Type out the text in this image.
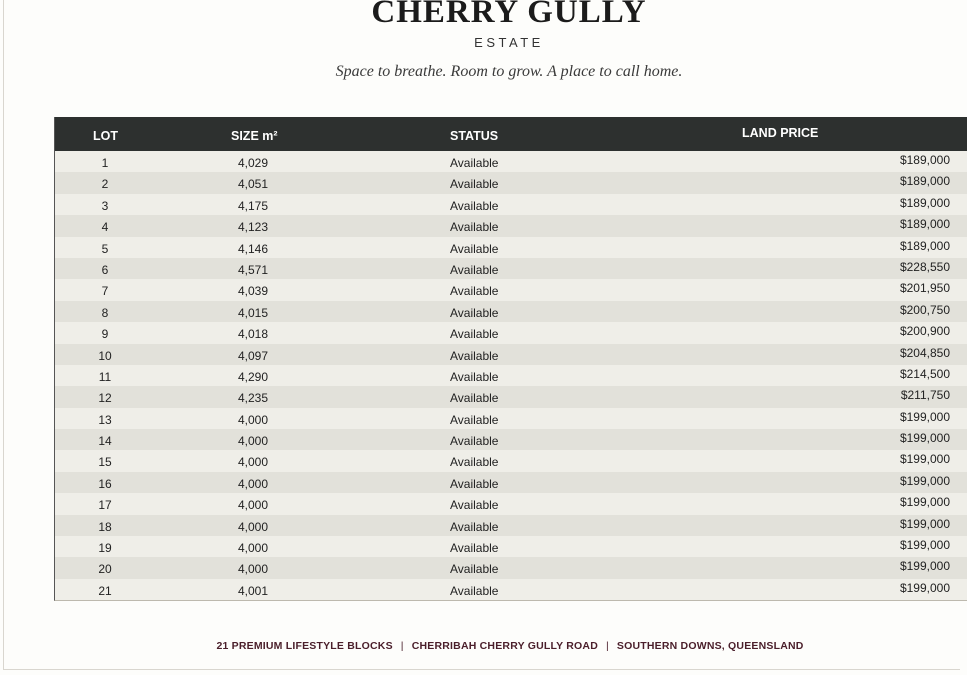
CHERRY GULLY
ESTATE
Space to breathe. Room to grow. A place to call home.
LOT	SIZE m²	STATUS	LAND PRICE
1	4,029	Available	$189,000
2	4,051	Available	$189,000
3	4,175	Available	$189,000
4	4,123	Available	$189,000
5	4,146	Available	$189,000
6	4,571	Available	$228,550
7	4,039	Available	$201,950
8	4,015	Available	$200,750
9	4,018	Available	$200,900
10	4,097	Available	$204,850
11	4,290	Available	$214,500
12	4,235	Available	$211,750
13	4,000	Available	$199,000
14	4,000	Available	$199,000
15	4,000	Available	$199,000
16	4,000	Available	$199,000
17	4,000	Available	$199,000
18	4,000	Available	$199,000
19	4,000	Available	$199,000
20	4,000	Available	$199,000
21	4,001	Available	$199,000
21 PREMIUM LIFESTYLE BLOCKS | CHERRIBAH CHERRY GULLY ROAD | SOUTHERN DOWNS, QUEENSLAND
